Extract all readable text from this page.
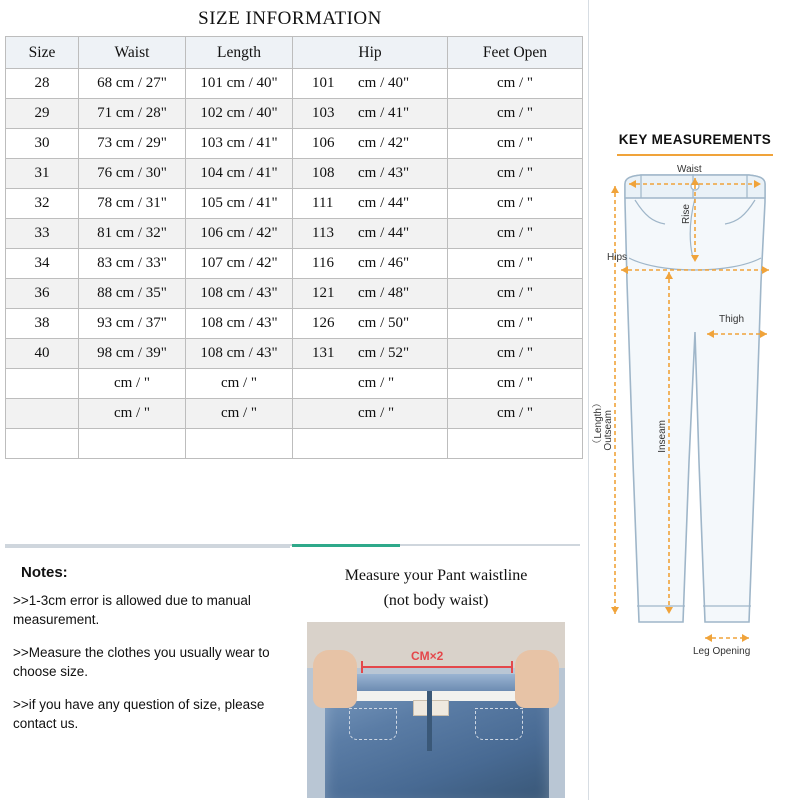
SIZE INFORMATION
Size	Waist	Length	Hip	Feet Open
28	68 cm / 27"	101 cm / 40"	101 cm / 40"	cm / "
29	71 cm / 28"	102 cm / 40"	103 cm / 41"	cm / "
30	73 cm / 29"	103 cm / 41"	106 cm / 42"	cm / "
31	76 cm / 30"	104 cm / 41"	108 cm / 43"	cm / "
32	78 cm / 31"	105 cm / 41"	111 cm / 44"	cm / "
33	81 cm / 32"	106 cm / 42"	113 cm / 44"	cm / "
34	83 cm / 33"	107 cm / 42"	116 cm / 46"	cm / "
36	88 cm / 35"	108 cm / 43"	121 cm / 48"	cm / "
38	93 cm / 37"	108 cm / 43"	126 cm / 50"	cm / "
40	98 cm / 39"	108 cm / 43"	131 cm / 52"	cm / "
	cm / "	cm / "	cm / "	cm / "
	cm / "	cm / "	cm / "	cm / "

Notes:
>>1-3cm error is allowed due to manual measurement.
>>Measure the clothes you usually wear to choose size.
>>if you have any question of size, please contact us.
Measure your Pant waistline
(not body waist)
CM×2
KEY MEASUREMENTS
Waist
Rise
Hips
Thigh
（Length） Outseam	Inseam
Leg Opening
